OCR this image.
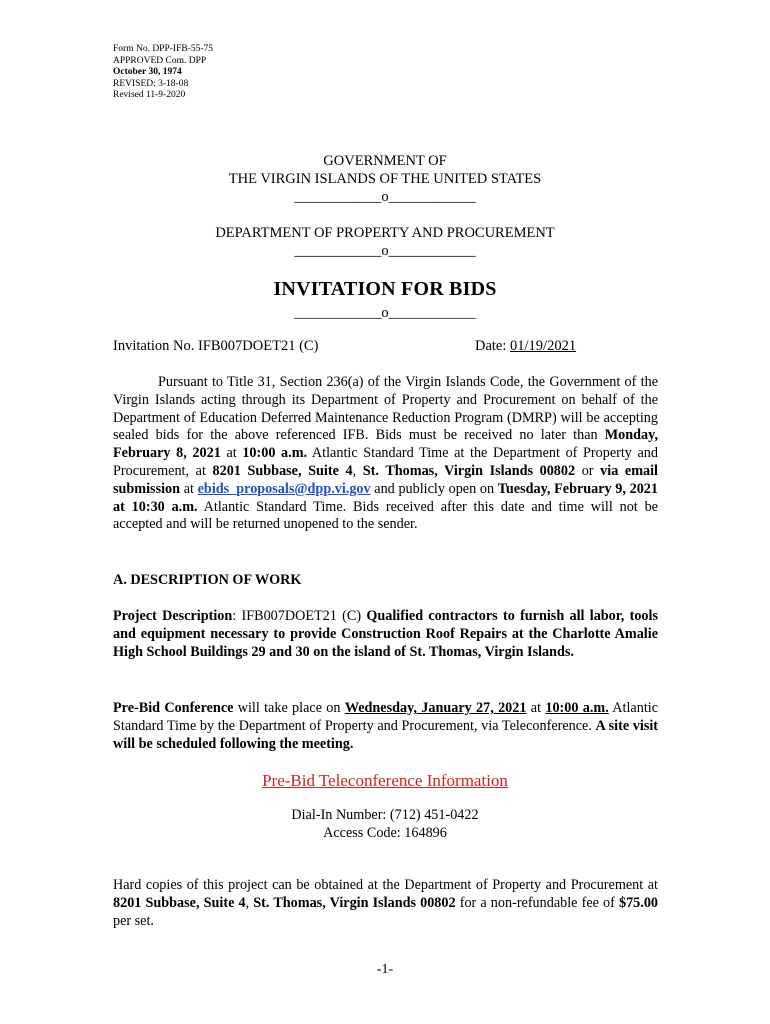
Form No. DPP-IFB-55-75
APPROVED Com. DPP
October 30, 1974
REVISED: 3-18-08
Revised 11-9-2020
GOVERNMENT OF
THE VIRGIN ISLANDS OF THE UNITED STATES
____________o____________
DEPARTMENT OF PROPERTY AND PROCUREMENT
____________o____________
INVITATION FOR BIDS
____________o____________
Invitation No. IFB007DOET21 (C)	Date: 01/19/2021
Pursuant to Title 31, Section 236(a) of the Virgin Islands Code, the Government of the Virgin Islands acting through its Department of Property and Procurement on behalf of the Department of Education Deferred Maintenance Reduction Program (DMRP) will be accepting sealed bids for the above referenced IFB. Bids must be received no later than Monday, February 8, 2021 at 10:00 a.m. Atlantic Standard Time at the Department of Property and Procurement, at 8201 Subbase, Suite 4, St. Thomas, Virgin Islands 00802 or via email submission at ebids_proposals@dpp.vi.gov and publicly open on Tuesday, February 9, 2021 at 10:30 a.m. Atlantic Standard Time. Bids received after this date and time will not be accepted and will be returned unopened to the sender.
A. DESCRIPTION OF WORK
Project Description: IFB007DOET21 (C) Qualified contractors to furnish all labor, tools and equipment necessary to provide Construction Roof Repairs at the Charlotte Amalie High School Buildings 29 and 30 on the island of St. Thomas, Virgin Islands.
Pre-Bid Conference will take place on Wednesday, January 27, 2021 at 10:00 a.m. Atlantic Standard Time by the Department of Property and Procurement, via Teleconference. A site visit will be scheduled following the meeting.
Pre-Bid Teleconference Information
Dial-In Number: (712) 451-0422
Access Code: 164896
Hard copies of this project can be obtained at the Department of Property and Procurement at 8201 Subbase, Suite 4, St. Thomas, Virgin Islands 00802 for a non-refundable fee of $75.00 per set.
-1-
